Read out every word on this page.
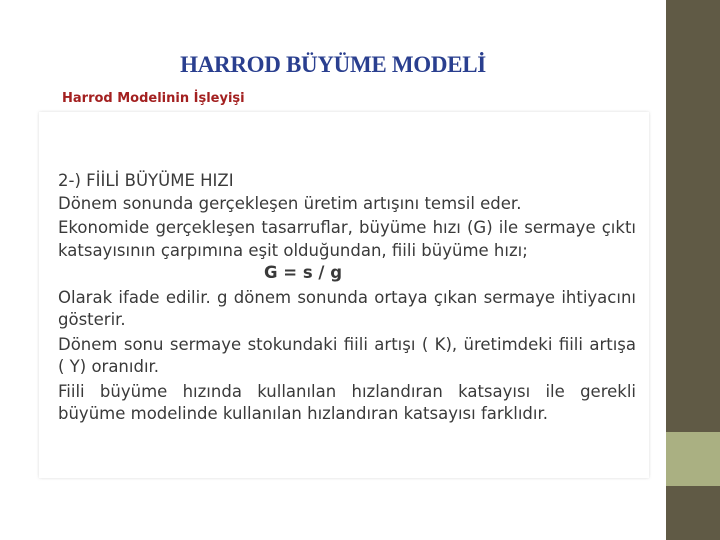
HARROD BÜYÜME MODELİ
Harrod Modelinin İşleyişi

2-) FİİLİ BÜYÜME HIZI

Dönem sonunda gerçekleşen üretim artışını temsil eder.

Ekonomide gerçekleşen tasarruflar, büyüme hızı (G) ile sermaye çıktı katsayısının çarpımına eşit olduğundan, fiili büyüme hızı;

G = s / g

Olarak ifade edilir. g dönem sonunda ortaya çıkan sermaye ihtiyacını gösterir.

Dönem sonu sermaye stokundaki fiili artışı ( K), üretimdeki fiili artışa ( Y) oranıdır.

Fiili büyüme hızında kullanılan hızlandıran katsayısı ile gerekli büyüme modelinde kullanılan hızlandıran katsayısı farklıdır.
